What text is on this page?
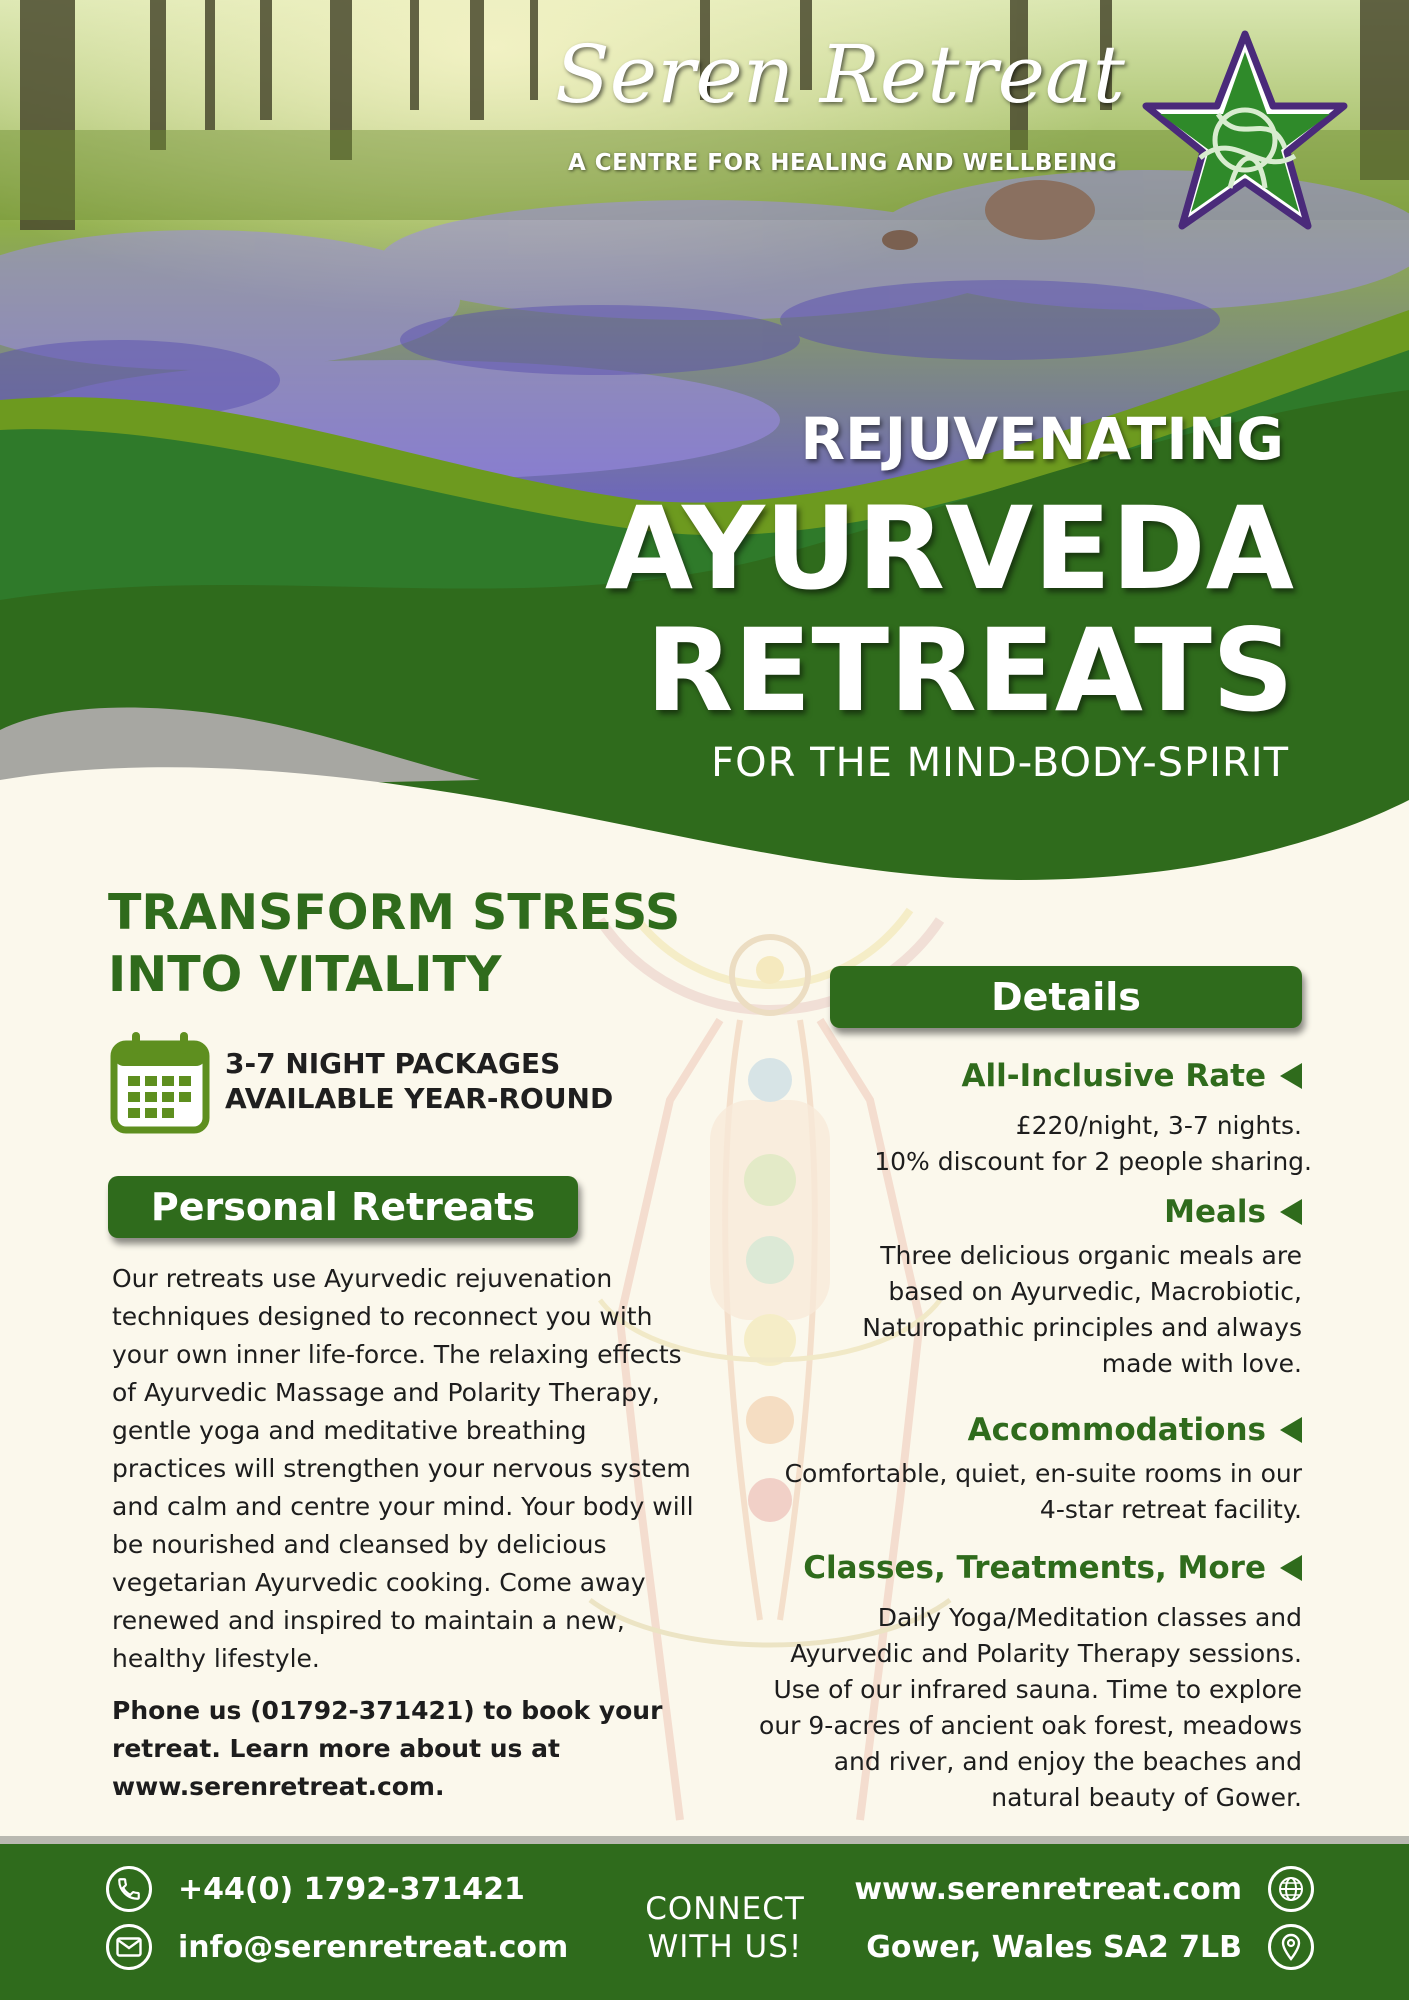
Seren Retreat
A CENTRE FOR HEALING AND WELLBEING
REJUVENATING
AYURVEDA
RETREATS
FOR THE MIND-BODY-SPIRIT
TRANSFORM STRESS INTO VITALITY
3-7 NIGHT PACKAGES
AVAILABLE YEAR-ROUND
Personal Retreats
Our retreats use Ayurvedic rejuvenation techniques designed to reconnect you with your own inner life-force. The relaxing effects of Ayurvedic Massage and Polarity Therapy, gentle yoga and meditative breathing practices will strengthen your nervous system and calm and centre your mind. Your body will be nourished and cleansed by delicious vegetarian Ayurvedic cooking. Come away renewed and inspired to maintain a new, healthy lifestyle.
Phone us (01792-371421) to book your retreat. Learn more about us at www.serenretreat.com.
Details
All-Inclusive Rate
£220/night, 3-7 nights.
10% discount for 2 people sharing.
Meals
Three delicious organic meals are
based on Ayurvedic, Macrobiotic,
Naturopathic principles and always
made with love.
Accommodations
Comfortable, quiet, en-suite rooms in our
4-star retreat facility.
Classes, Treatments, More
Daily Yoga/Meditation classes and
Ayurvedic and Polarity Therapy sessions.
Use of our infrared sauna. Time to explore
our 9-acres of ancient oak forest, meadows
and river, and enjoy the beaches and
natural beauty of Gower.
+44(0) 1792-371421
info@serenretreat.com
CONNECT
WITH US!
www.serenretreat.com
Gower, Wales SA2 7LB
